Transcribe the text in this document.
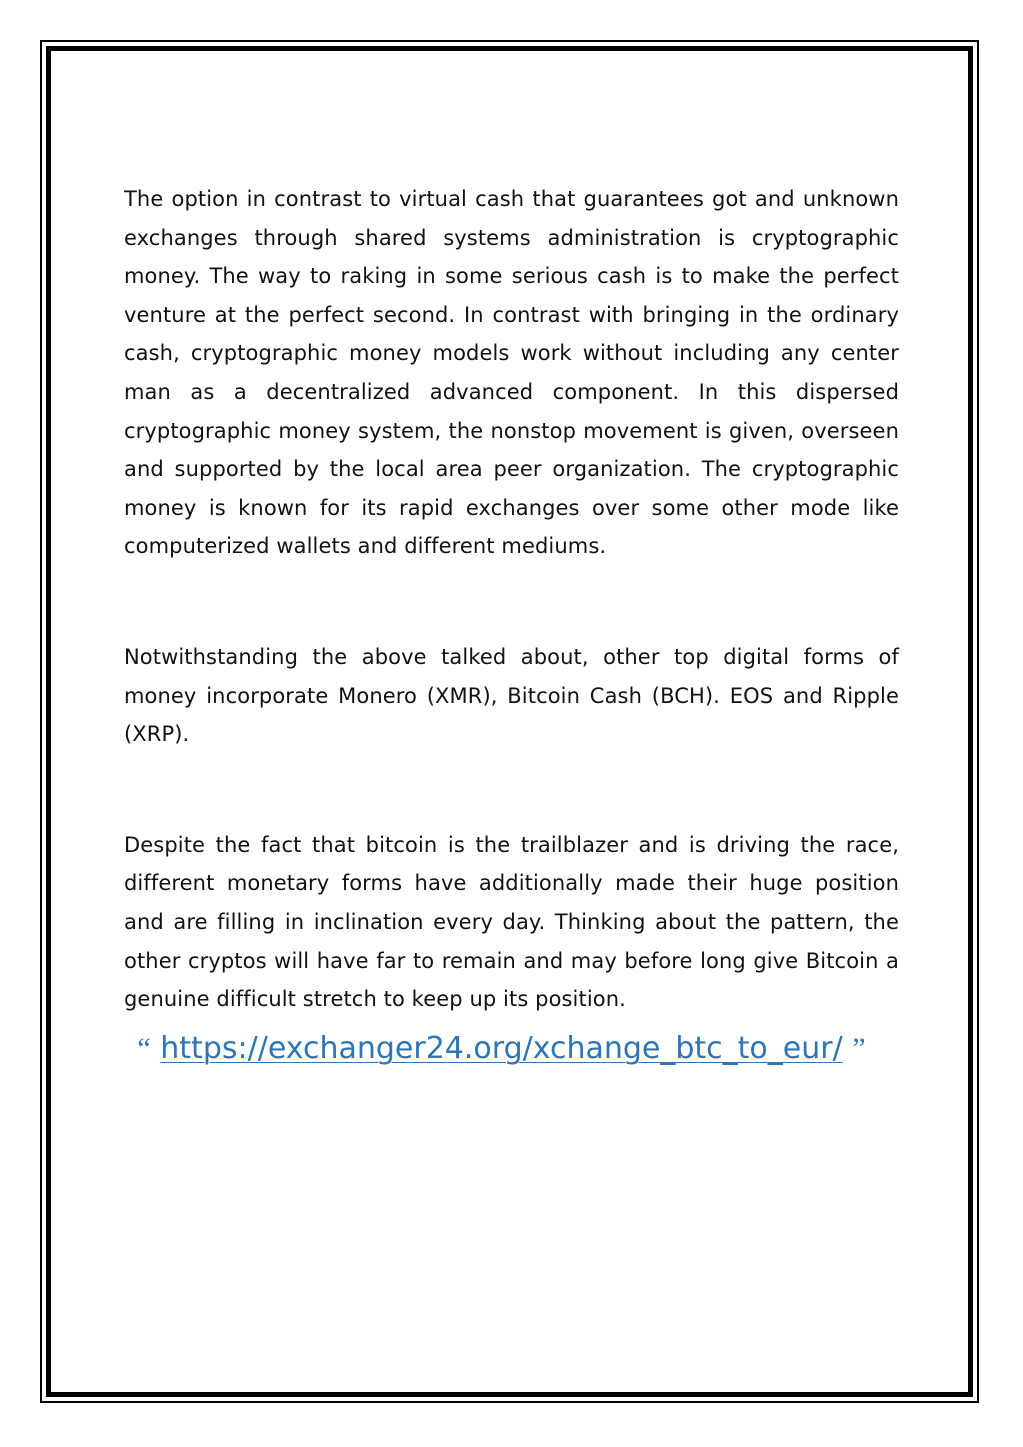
The option in contrast to virtual cash that guarantees got and unknown exchanges through shared systems administration is cryptographic money. The way to raking in some serious cash is to make the perfect venture at the perfect second. In contrast with bringing in the ordinary cash, cryptographic money models work without including any center man as a decentralized advanced component. In this dispersed cryptographic money system, the nonstop movement is given, overseen and supported by the local area peer organization. The cryptographic money is known for its rapid exchanges over some other mode like computerized wallets and different mediums.

Notwithstanding the above talked about, other top digital forms of money incorporate Monero (XMR), Bitcoin Cash (BCH). EOS and Ripple (XRP).

Despite the fact that bitcoin is the trailblazer and is driving the race, different monetary forms have additionally made their huge position and are filling in inclination every day. Thinking about the pattern, the other cryptos will have far to remain and may before long give Bitcoin a genuine difficult stretch to keep up its position.

“ https://exchanger24.org/xchange_btc_to_eur/ ”
